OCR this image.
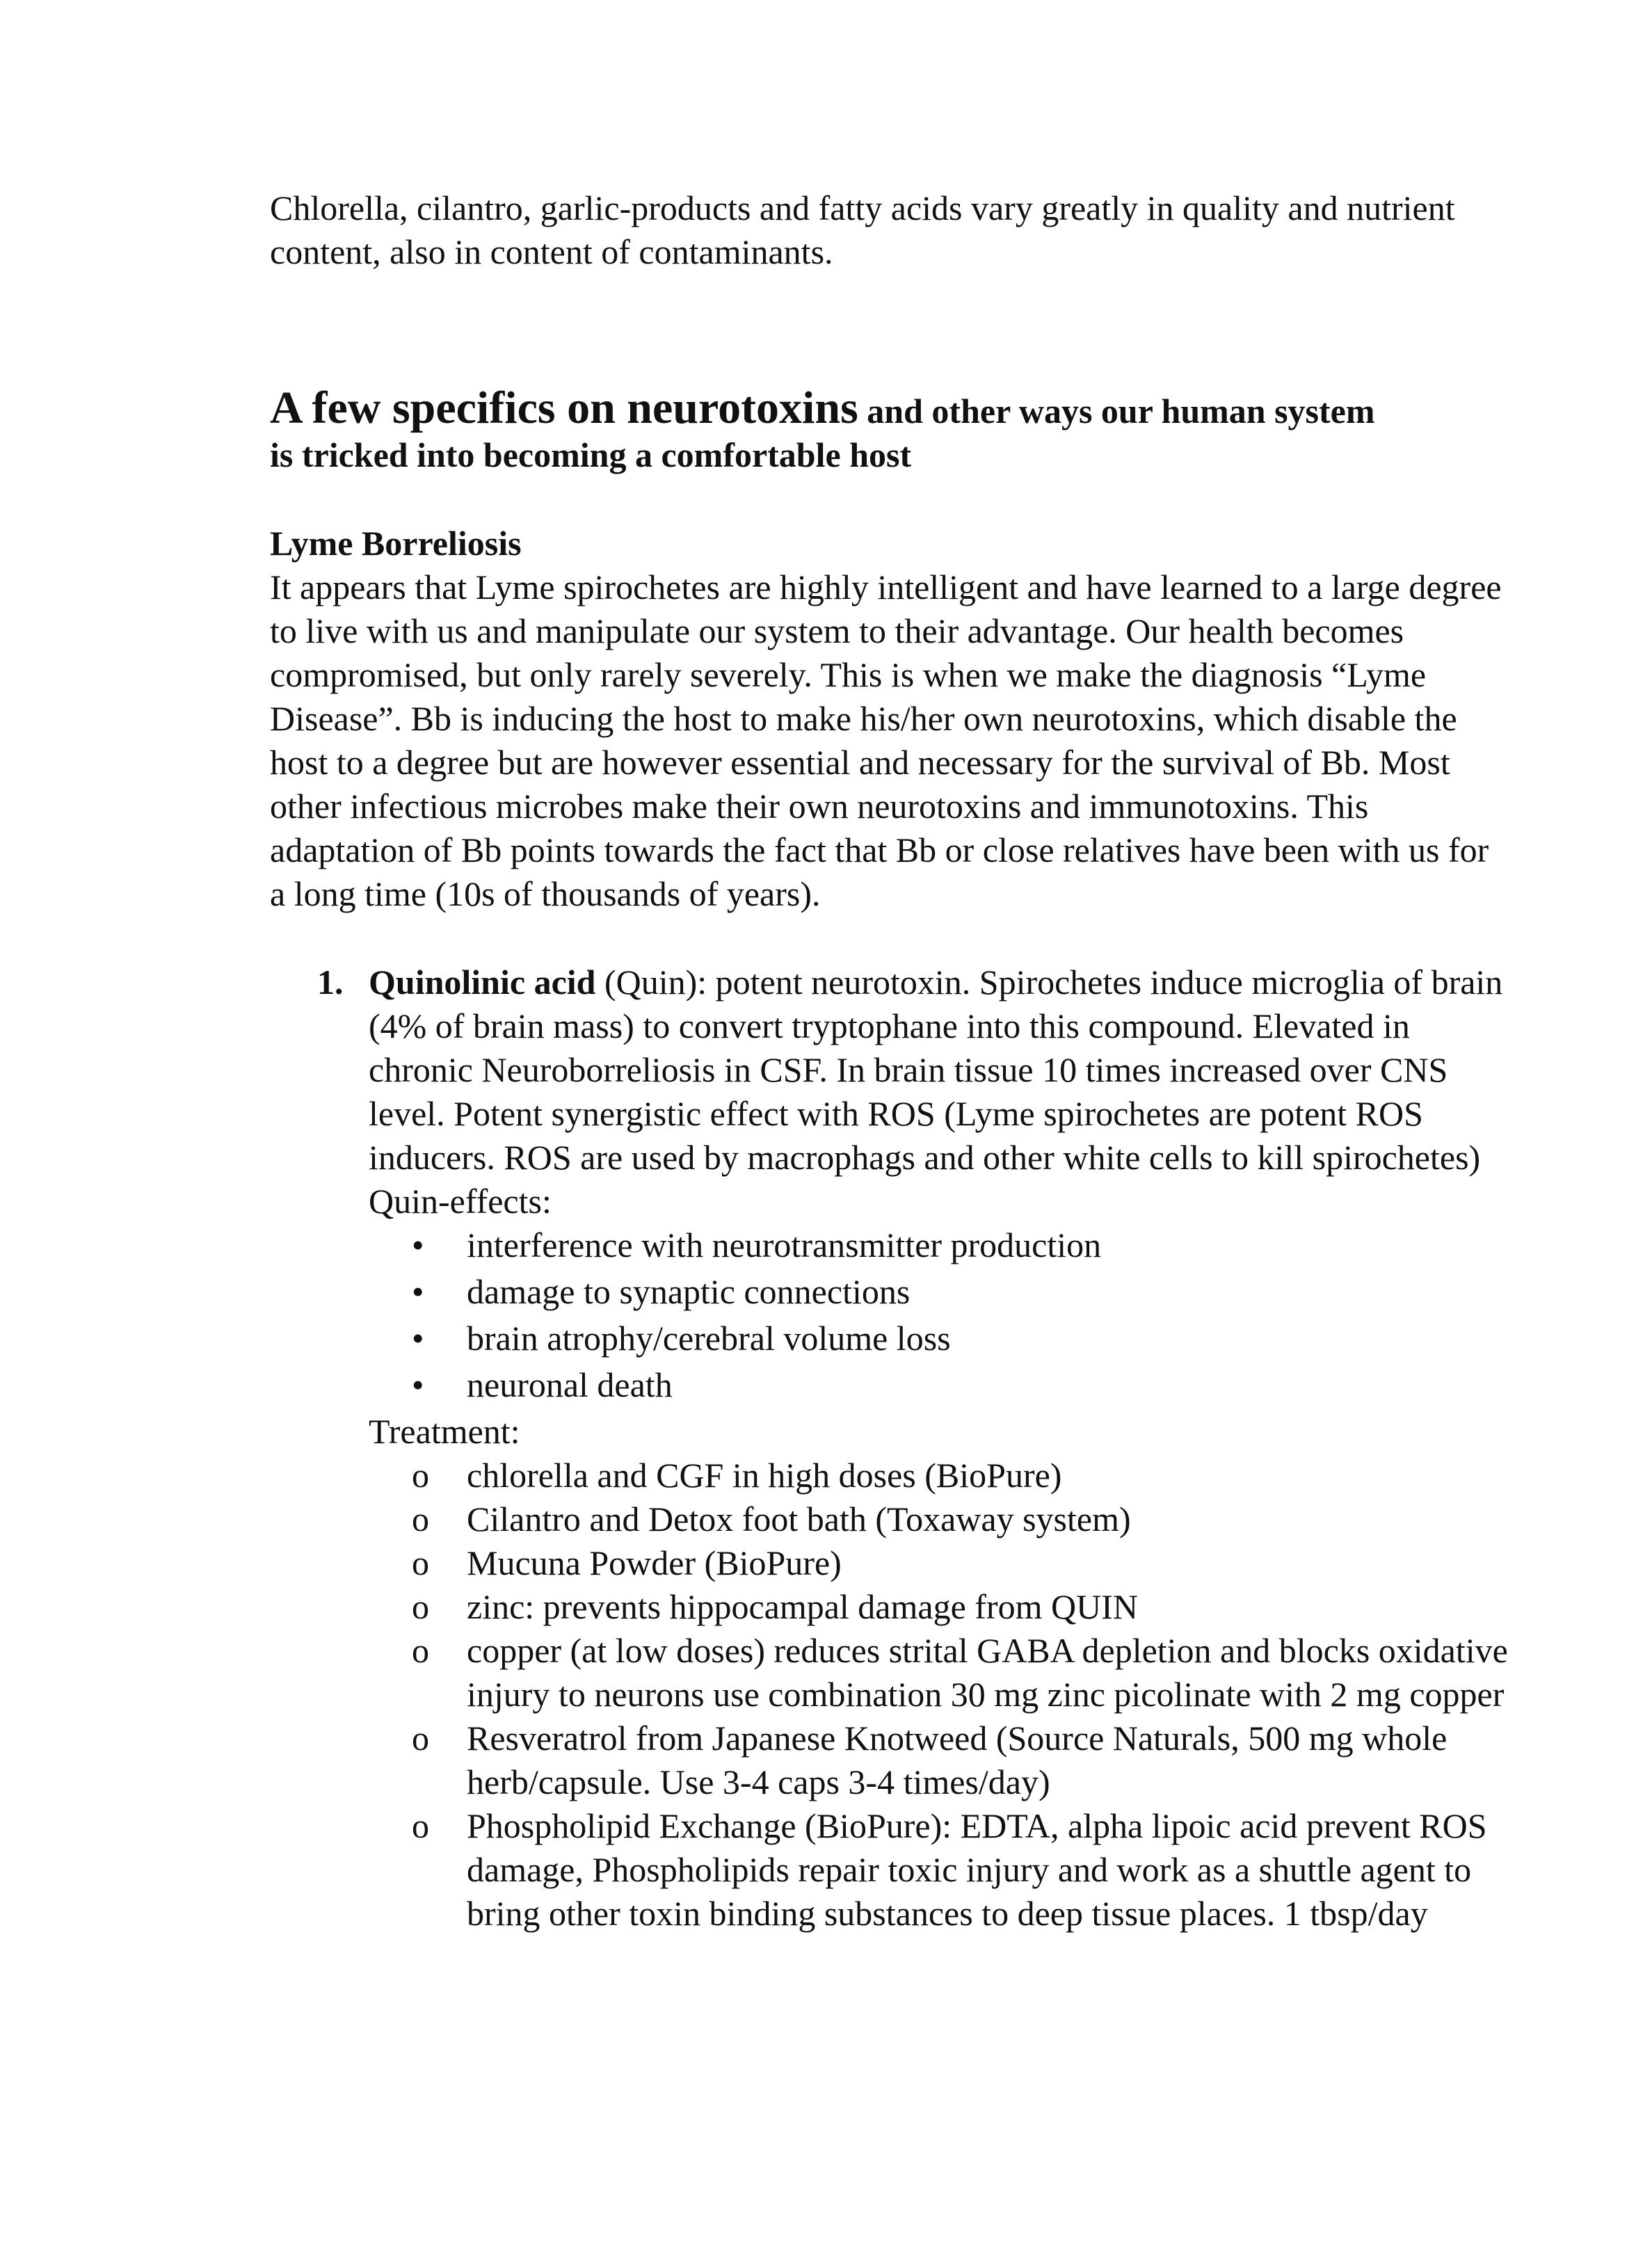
Chlorella, cilantro, garlic-products and fatty acids vary greatly in quality and nutrient content, also in content of contaminants.

A few specifics on neurotoxins and other ways our human system
is tricked into becoming a comfortable host
Lyme Borreliosis

It appears that Lyme spirochetes are highly intelligent and have learned to a large degree to live with us and manipulate our system to their advantage. Our health becomes compromised, but only rarely severely. This is when we make the diagnosis “Lyme Disease”. Bb is inducing the host to make his/her own neurotoxins, which disable the host to a degree but are however essential and necessary for the survival of Bb. Most other infectious microbes make their own neurotoxins and immunotoxins. This adaptation of Bb points towards the fact that Bb or close relatives have been with us for a long time (10s of thousands of years).

1. Quinolinic acid (Quin): potent neurotoxin. Spirochetes induce microglia of brain (4% of brain mass) to convert tryptophane into this compound. Elevated in chronic Neuroborreliosis in CSF. In brain tissue 10 times increased over CNS level. Potent synergistic effect with ROS (Lyme spirochetes are potent ROS inducers. ROS are used by macrophags and other white cells to kill spirochetes)

Quin-effects:

• interference with neurotransmitter production
• damage to synaptic connections
• brain atrophy/cerebral volume loss
• neuronal death

Treatment:

o chlorella and CGF in high doses (BioPure)
o Cilantro and Detox foot bath (Toxaway system)
o Mucuna Powder (BioPure)
o zinc: prevents hippocampal damage from QUIN
o copper (at low doses) reduces strital GABA depletion and blocks oxidative injury to neurons use combination 30 mg zinc picolinate with 2 mg copper
o Resveratrol from Japanese Knotweed (Source Naturals, 500 mg whole herb/capsule. Use 3-4 caps 3-4 times/day)
o Phospholipid Exchange (BioPure): EDTA, alpha lipoic acid prevent ROS damage, Phospholipids repair toxic injury and work as a shuttle agent to bring other toxin binding substances to deep tissue places. 1 tbsp/day
